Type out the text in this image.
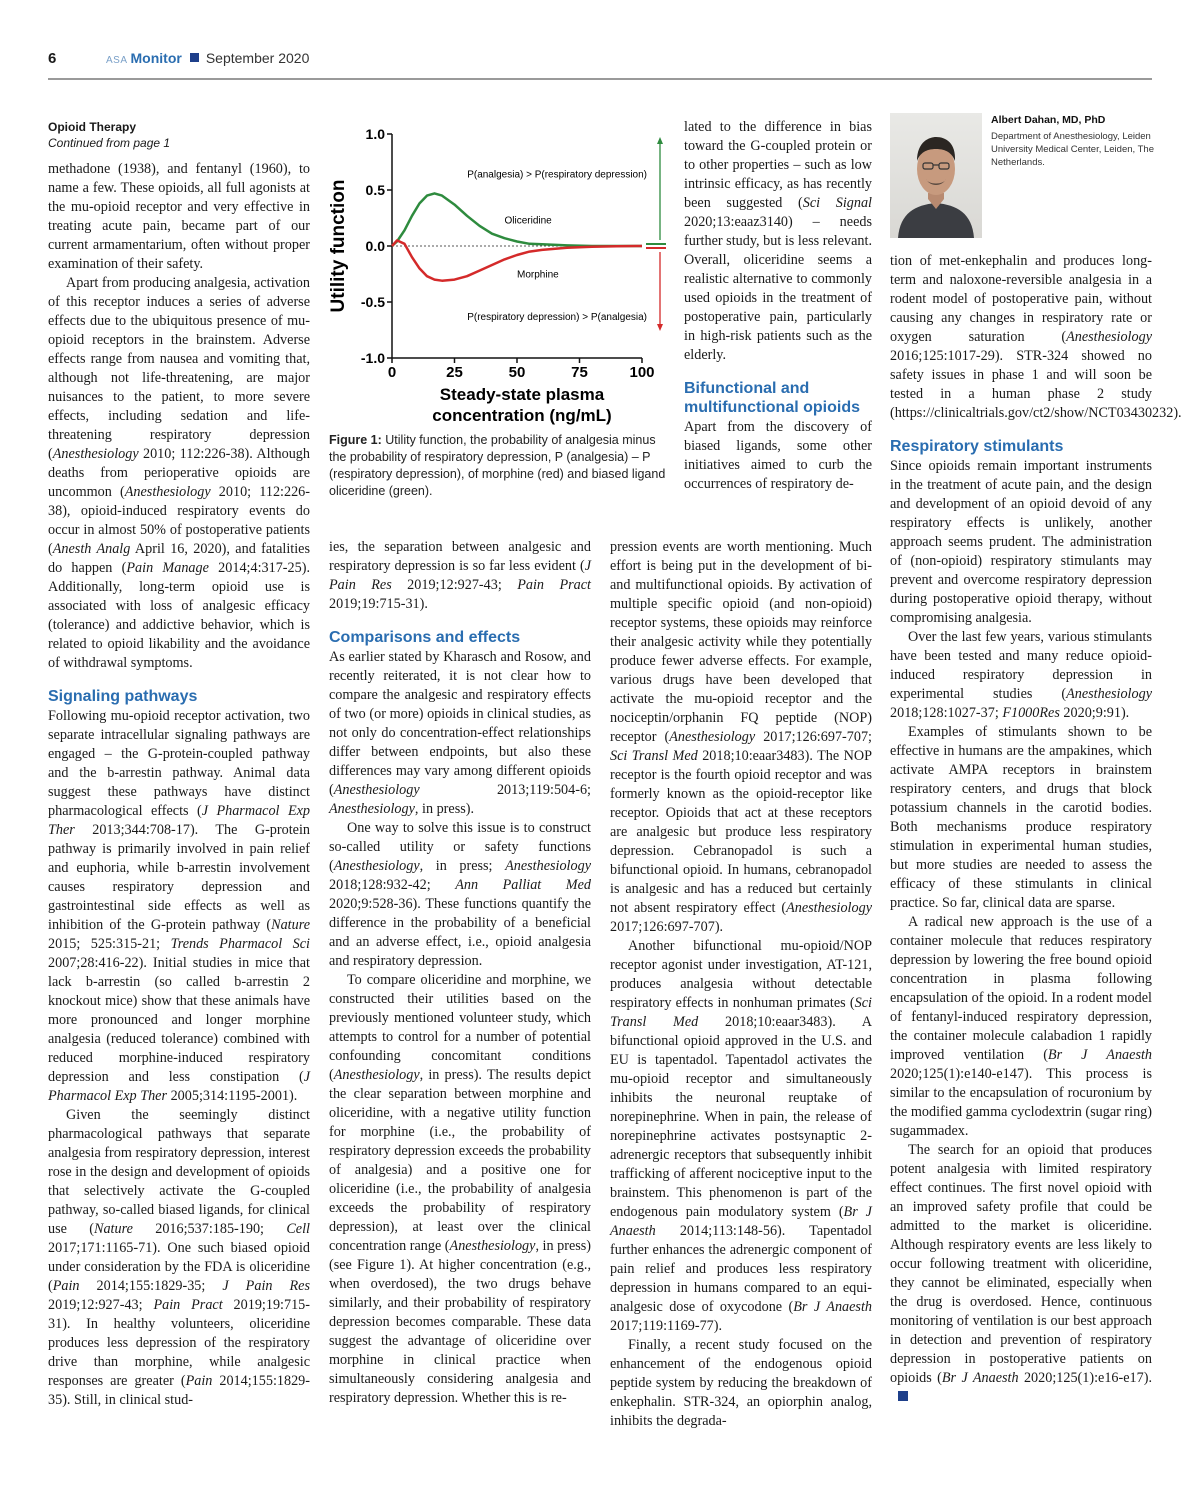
6	ASA Monitor September 2020
Opioid Therapy
Continued from page 1

methadone (1938), and fentanyl (1960), to name a few. These opioids, all full agonists at the mu-opioid receptor and very effective in treating acute pain, became part of our current armamentarium, often without proper examination of their safety.

Apart from producing analgesia, activation of this receptor induces a series of adverse effects due to the ubiquitous presence of mu-opioid receptors in the brainstem. Adverse effects range from nausea and vomiting that, although not life-threatening, are major nuisances to the patient, to more severe effects, including sedation and life-threatening respiratory depression (Anesthesiology 2010; 112:226-38). Although deaths from perioperative opioids are uncommon (Anesthesiology 2010; 112:226-38), opioid-induced respiratory events do occur in almost 50% of postoperative patients (Anesth Analg April 16, 2020), and fatalities do happen (Pain Manage 2014;4:317-25). Additionally, long-term opioid use is associated with loss of analgesic efficacy (tolerance) and addictive behavior, which is related to opioid likability and the avoidance of withdrawal symptoms.

Signaling pathways

Following mu-opioid receptor activation, two separate intracellular signaling pathways are engaged – the G-protein-coupled pathway and the b-arrestin pathway. Animal data suggest these pathways have distinct pharmacological effects (J Pharmacol Exp Ther 2013;344:708-17). The G-protein pathway is primarily involved in pain relief and euphoria, while b-arrestin involvement causes respiratory depression and gastrointestinal side effects as well as inhibition of the G-protein pathway (Nature 2015; 525:315-21; Trends Pharmacol Sci 2007;28:416-22). Initial studies in mice that lack b-arrestin (so called b-arrestin 2 knockout mice) show that these animals have more pronounced and longer morphine analgesia (reduced tolerance) combined with reduced morphine-induced respiratory depression and less constipation (J Pharmacol Exp Ther 2005;314:1195-2001).

Given the seemingly distinct pharmacological pathways that separate analgesia from respiratory depression, interest rose in the design and development of opioids that selectively activate the G-coupled pathway, so-called biased ligands, for clinical use (Nature 2016;537:185-190; Cell 2017;171:1165-71). One such biased opioid under consideration by the FDA is oliceridine (Pain 2014;155:1829-35; J Pain Res 2019;12:927-43; Pain Pract 2019;19:715-31). In healthy volunteers, oliceridine produces less depression of the respiratory drive than morphine, while analgesic responses are greater (Pain 2014;155:1829-35). Still, in clinical stud-

1.0
0.5
0.0
-0.5
-1.0
0	25	50	75	100
Utility function
Steady-state plasma
concentration (ng/mL)
Oliceridine
Morphine
P(analgesia) > P(respiratory depression)
P(respiratory depression) > P(analgesia)
Figure 1: Utility function, the probability of analgesia minus the probability of respiratory depression, P (analgesia) – P (respiratory depression), of morphine (red) and biased ligand oliceridine (green).

ies, the separation between analgesic and respiratory depression is so far less evident (J Pain Res 2019;12:927-43; Pain Pract 2019;19:715-31).

Comparisons and effects

As earlier stated by Kharasch and Rosow, and recently reiterated, it is not clear how to compare the analgesic and respiratory effects of two (or more) opioids in clinical studies, as not only do concentration-effect relationships differ between endpoints, but also these differences may vary among different opioids (Anesthesiology 2013;119:504-6; Anesthesiology, in press).

One way to solve this issue is to construct so-called utility or safety functions (Anesthesiology, in press; Anesthesiology 2018;128:932-42; Ann Palliat Med 2020;9:528-36). These functions quantify the difference in the probability of a beneficial and an adverse effect, i.e., opioid analgesia and respiratory depression.

To compare oliceridine and morphine, we constructed their utilities based on the previously mentioned volunteer study, which attempts to control for a number of potential confounding concomitant conditions (Anesthesiology, in press). The results depict the clear separation between morphine and oliceridine, with a negative utility function for morphine (i.e., the probability of respiratory depression exceeds the probability of analgesia) and a positive one for oliceridine (i.e., the probability of analgesia exceeds the probability of respiratory depression), at least over the clinical concentration range (Anesthesiology, in press) (see Figure 1). At higher concentration (e.g., when overdosed), the two drugs behave similarly, and their probability of respiratory depression becomes comparable. These data suggest the advantage of oliceridine over morphine in clinical practice when simultaneously considering analgesia and respiratory depression. Whether this is re-

lated to the difference in bias toward the G-coupled protein or to other properties – such as low intrinsic efficacy, as has recently been suggested (Sci Signal 2020;13:eaaz3140) – needs further study, but is less relevant. Overall, oliceridine seems a realistic alternative to commonly used opioids in the treatment of postoperative pain, particularly in high-risk patients such as the elderly.

Bifunctional and multifunctional opioids

Apart from the discovery of biased ligands, some other initiatives aimed to curb the occurrences of respiratory de-

pression events are worth mentioning. Much effort is being put in the development of bi- and multifunctional opioids. By activation of multiple specific opioid (and non-opioid) receptor systems, these opioids may reinforce their analgesic activity while they potentially produce fewer adverse effects. For example, various drugs have been developed that activate the mu-opioid receptor and the nociceptin/orphanin FQ peptide (NOP) receptor (Anesthesiology 2017;126:697-707; Sci Transl Med 2018;10:eaar3483). The NOP receptor is the fourth opioid receptor and was formerly known as the opioid-receptor like receptor. Opioids that act at these receptors are analgesic but produce less respiratory depression. Cebranopadol is such a bifunctional opioid. In humans, cebranopadol is analgesic and has a reduced but certainly not absent respiratory effect (Anesthesiology 2017;126:697-707).

Another bifunctional mu-opioid/NOP receptor agonist under investigation, AT-121, produces analgesia without detectable respiratory effects in nonhuman primates (Sci Transl Med 2018;10:eaar3483). A bifunctional opioid approved in the U.S. and EU is tapentadol. Tapentadol activates the mu-opioid receptor and simultaneously inhibits the neuronal reuptake of norepinephrine. When in pain, the release of norepinephrine activates postsynaptic 2-adrenergic receptors that subsequently inhibit trafficking of afferent nociceptive input to the brainstem. This phenomenon is part of the endogenous pain modulatory system (Br J Anaesth 2014;113:148-56). Tapentadol further enhances the adrenergic component of pain relief and produces less respiratory depression in humans compared to an equi-analgesic dose of oxycodone (Br J Anaesth 2017;119:1169-77).

Finally, a recent study focused on the enhancement of the endogenous opioid peptide system by reducing the breakdown of enkephalin. STR-324, an opiorphin analog, inhibits the degrada-

Albert Dahan, MD, PhD
Department of Anesthesiology, Leiden University Medical Center, Leiden, The Netherlands.

tion of met-enkephalin and produces long-term and naloxone-reversible analgesia in a rodent model of postoperative pain, without causing any changes in respiratory rate or oxygen saturation (Anesthesiology 2016;125:1017-29). STR-324 showed no safety issues in phase 1 and will soon be tested in a human phase 2 study (https://clinicaltrials.gov/ct2/show/NCT03430232).

Respiratory stimulants

Since opioids remain important instruments in the treatment of acute pain, and the design and development of an opioid devoid of any respiratory effects is unlikely, another approach seems prudent. The administration of (non-opioid) respiratory stimulants may prevent and overcome respiratory depression during postoperative opioid therapy, without compromising analgesia.

Over the last few years, various stimulants have been tested and many reduce opioid-induced respiratory depression in experimental studies (Anesthesiology 2018;128:1027-37; F1000Res 2020;9:91).

Examples of stimulants shown to be effective in humans are the ampakines, which activate AMPA receptors in brainstem respiratory centers, and drugs that block potassium channels in the carotid bodies. Both mechanisms produce respiratory stimulation in experimental human studies, but more studies are needed to assess the efficacy of these stimulants in clinical practice. So far, clinical data are sparse.

A radical new approach is the use of a container molecule that reduces respiratory depression by lowering the free bound opioid concentration in plasma following encapsulation of the opioid. In a rodent model of fentanyl-induced respiratory depression, the container molecule calabadion 1 rapidly improved ventilation (Br J Anaesth 2020;125(1):e140-e147). This process is similar to the encapsulation of rocuronium by the modified gamma cyclodextrin (sugar ring) sugammadex.

The search for an opioid that produces potent analgesia with limited respiratory effect continues. The first novel opioid with an improved safety profile that could be admitted to the market is oliceridine. Although respiratory events are less likely to occur following treatment with oliceridine, they cannot be eliminated, especially when the drug is overdosed. Hence, continuous monitoring of ventilation is our best approach in detection and prevention of respiratory depression in postoperative patients on opioids (Br J Anaesth 2020;125(1):e16-e17).
